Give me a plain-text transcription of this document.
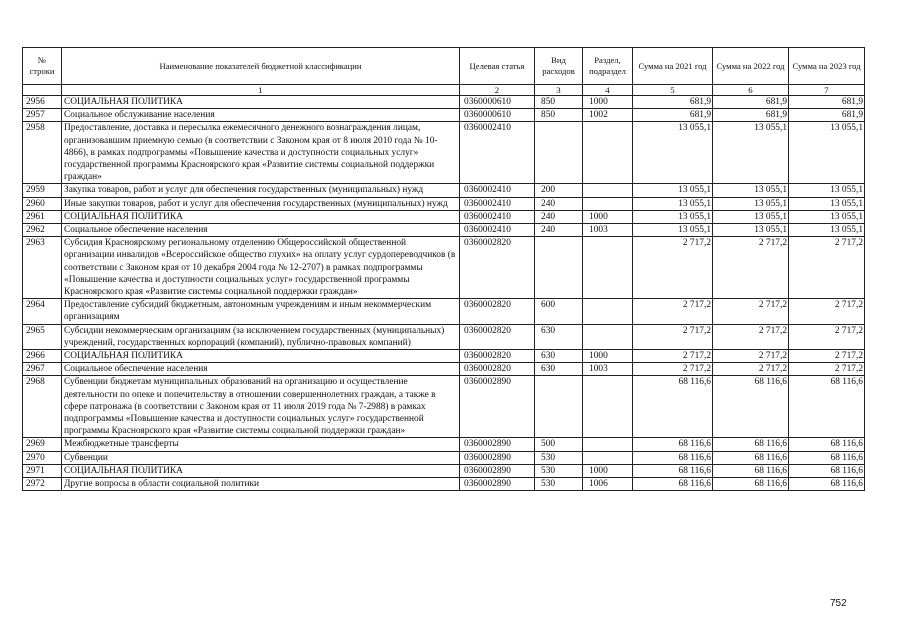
№ строки	Наименование показателей бюджетной классификации	Целевая статья	Вид расходов	Раздел, подраздел	Сумма на 2021 год	Сумма на 2022 год	Сумма на 2023 год
	1	2	3	4	5	6	7
2956	СОЦИАЛЬНАЯ ПОЛИТИКА	0360000610	850	1000	681,9	681,9	681,9
2957	Социальное обслуживание населения	0360000610	850	1002	681,9	681,9	681,9
2958	Предоставление, доставка и пересылка ежемесячного денежного вознаграждения лицам, организовавшим приемную семью (в соответствии с Законом края от 8 июля 2010 года № 10-4866), в рамках подпрограммы «Повышение качества и доступности социальных услуг» государственной программы Красноярского края «Развитие системы социальной поддержки граждан»	0360002410			13 055,1	13 055,1	13 055,1
2959	Закупка товаров, работ и услуг для обеспечения государственных (муниципальных) нужд	0360002410	200		13 055,1	13 055,1	13 055,1
2960	Иные закупки товаров, работ и услуг для обеспечения государственных (муниципальных) нужд	0360002410	240		13 055,1	13 055,1	13 055,1
2961	СОЦИАЛЬНАЯ ПОЛИТИКА	0360002410	240	1000	13 055,1	13 055,1	13 055,1
2962	Социальное обеспечение населения	0360002410	240	1003	13 055,1	13 055,1	13 055,1
2963	Субсидия Красноярскому региональному отделению Общероссийской общественной организации инвалидов «Всероссийское общество глухих» на оплату услуг сурдопереводчиков (в соответствии с Законом края от 10 декабря 2004 года № 12-2707) в рамках подпрограммы «Повышение качества и доступности социальных услуг» государственной программы Красноярского края «Развитие системы социальной поддержки граждан»	0360002820			2 717,2	2 717,2	2 717,2
2964	Предоставление субсидий бюджетным, автономным учреждениям и иным некоммерческим организациям	0360002820	600		2 717,2	2 717,2	2 717,2
2965	Субсидии некоммерческим организациям (за исключением государственных (муниципальных) учреждений, государственных корпораций (компаний), публично-правовых компаний)	0360002820	630		2 717,2	2 717,2	2 717,2
2966	СОЦИАЛЬНАЯ ПОЛИТИКА	0360002820	630	1000	2 717,2	2 717,2	2 717,2
2967	Социальное обеспечение населения	0360002820	630	1003	2 717,2	2 717,2	2 717,2
2968	Субвенции бюджетам муниципальных образований на организацию и осуществление деятельности по опеке и попечительству в отношении совершеннолетних граждан, а также в сфере патронажа (в соответствии с Законом края от 11 июля 2019 года № 7-2988) в рамках подпрограммы «Повышение качества и доступности социальных услуг» государственной программы Красноярского края «Развитие системы социальной поддержки граждан»	0360002890			68 116,6	68 116,6	68 116,6
2969	Межбюджетные трансферты	0360002890	500		68 116,6	68 116,6	68 116,6
2970	Субвенции	0360002890	530		68 116,6	68 116,6	68 116,6
2971	СОЦИАЛЬНАЯ ПОЛИТИКА	0360002890	530	1000	68 116,6	68 116,6	68 116,6
2972	Другие вопросы в области социальной политики	0360002890	530	1006	68 116,6	68 116,6	68 116,6
752
